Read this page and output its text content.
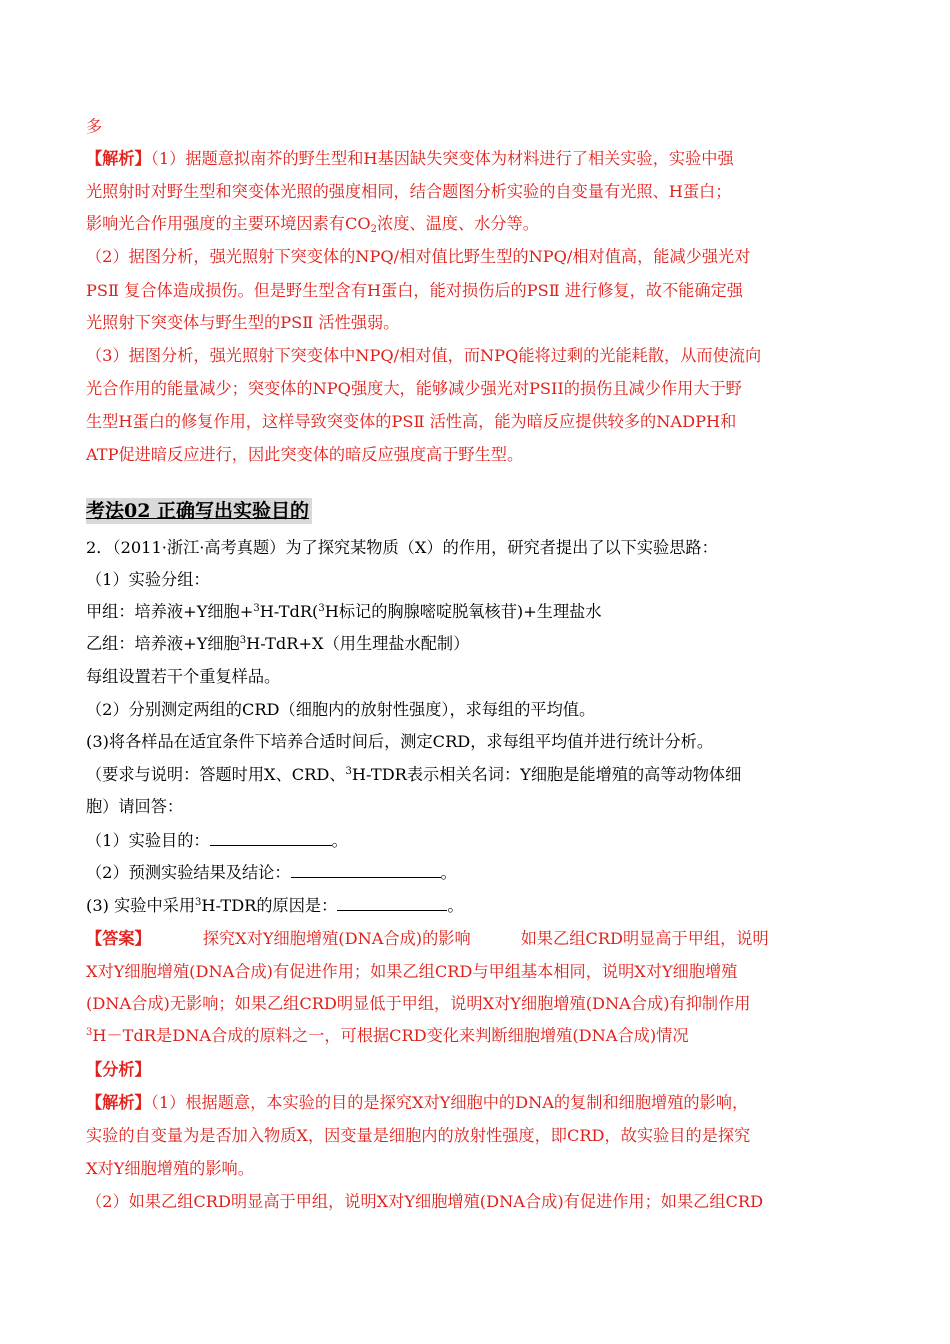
多
【解析】（1）据题意拟南芥的野生型和H基因缺失突变体为材料进行了相关实验，实验中强
光照射时对野生型和突变体光照的强度相同，结合题图分析实验的自变量有光照、H蛋白；
影响光合作用强度的主要环境因素有$CO_2$浓度、温度、水分等。
（2）据图分析，强光照射下突变体的NPQ/相对值比野生型的NPQ/相对值高，能减少强光对
PSⅡ 复合体造成损伤。但是野生型含有H蛋白，能对损伤后的PSⅡ 进行修复，故不能确定强
光照射下突变体与野生型的PSⅡ 活性强弱。
（3）据图分析，强光照射下突变体中NPQ/相对值，而NPQ能将过剩的光能耗散，从而使流向
光合作用的能量减少；突变体的NPQ强度大，能够减少强光对PSII的损伤且减少作用大于野
生型H蛋白的修复作用，这样导致突变体的PSⅡ 活性高，能为暗反应提供较多的NADPH和
ATP促进暗反应进行，因此突变体的暗反应强度高于野生型。
考法02 正确写出实验目的
2．（2011·浙江·高考真题）为了探究某物质（X）的作用，研究者提出了以下实验思路：
（1）实验分组：
甲组：培养液+Y细胞+$^3$H-TdR($^3$H标记的胸腺嘧啶脱氧核苷)+生理盐水
乙组：培养液+Y细胞$^3$H-TdR+X（用生理盐水配制）
每组设置若干个重复样品。
（2）分别测定两组的CRD（细胞内的放射性强度），求每组的平均值。
(3)将各样品在适宜条件下培养合适时间后，测定CRD，求每组平均值并进行统计分析。
（要求与说明：答题时用X、CRD、$^3$H-TDR表示相关名词：Y细胞是能增殖的高等动物体细
胞）请回答：
（1）实验目的：	。
（2）预测实验结果及结论：	。
(3) 实验中采用$^3$H-TDR的原因是：	。
【答案】	探究X对Y细胞增殖(DNA合成)的影响	如果乙组CRD明显高于甲组，说明
X对Y细胞增殖(DNA合成)有促进作用；如果乙组CRD与甲组基本相同，说明X对Y细胞增殖
(DNA合成)无影响；如果乙组CRD明显低于甲组，说明X对Y细胞增殖(DNA合成)有抑制作用
$^3$H－TdR是DNA合成的原料之一，可根据CRD变化来判断细胞增殖(DNA合成)情况
【分析】
【解析】（1）根据题意，本实验的目的是探究X对Y细胞中的DNA的复制和细胞增殖的影响，
实验的自变量为是否加入物质X，因变量是细胞内的放射性强度，即CRD，故实验目的是探究
X对Y细胞增殖的影响。
（2）如果乙组CRD明显高于甲组，说明X对Y细胞增殖(DNA合成)有促进作用；如果乙组CRD
